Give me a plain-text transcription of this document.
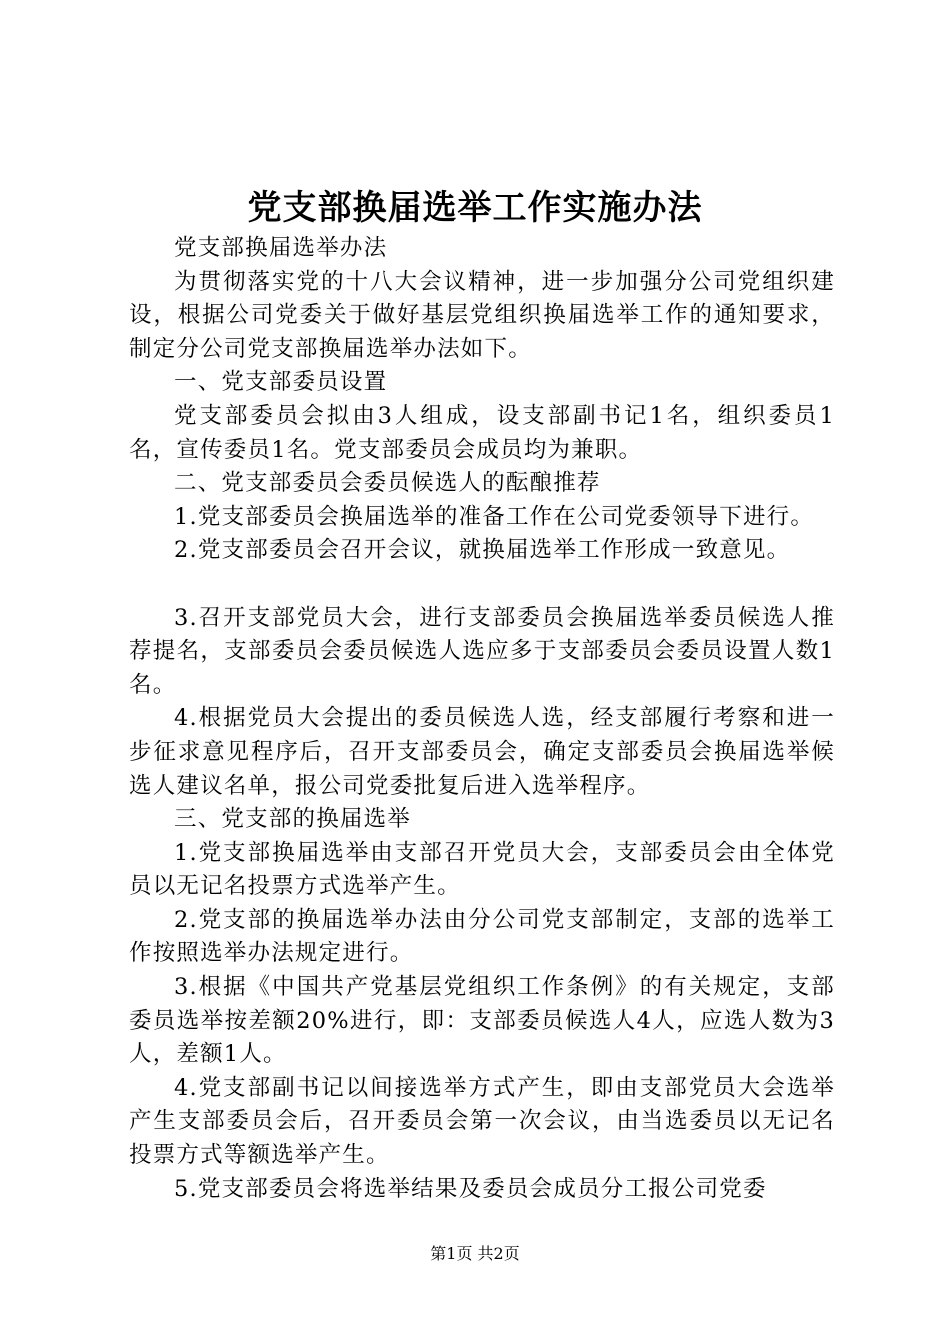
党支部换届选举工作实施办法

党支部换届选举办法

为贯彻落实党的十八大会议精神，进一步加强分公司党组织建设，根据公司党委关于做好基层党组织换届选举工作的通知要求，制定分公司党支部换届选举办法如下。

一、党支部委员设置

党支部委员会拟由3人组成，设支部副书记1名，组织委员1名，宣传委员1名。党支部委员会成员均为兼职。

二、党支部委员会委员候选人的酝酿推荐

1.党支部委员会换届选举的准备工作在公司党委领导下进行。

2.党支部委员会召开会议，就换届选举工作形成一致意见。

3.召开支部党员大会，进行支部委员会换届选举委员候选人推荐提名，支部委员会委员候选人选应多于支部委员会委员设置人数1名。

4.根据党员大会提出的委员候选人选，经支部履行考察和进一步征求意见程序后，召开支部委员会，确定支部委员会换届选举候选人建议名单，报公司党委批复后进入选举程序。

三、党支部的换届选举

1.党支部换届选举由支部召开党员大会，支部委员会由全体党员以无记名投票方式选举产生。

2.党支部的换届选举办法由分公司党支部制定，支部的选举工作按照选举办法规定进行。

3.根据《中国共产党基层党组织工作条例》的有关规定，支部委员选举按差额20%进行，即：支部委员候选人4人，应选人数为3人，差额1人。

4.党支部副书记以间接选举方式产生，即由支部党员大会选举产生支部委员会后，召开委员会第一次会议，由当选委员以无记名投票方式等额选举产生。

5.党支部委员会将选举结果及委员会成员分工报公司党委

第1页 共2页
